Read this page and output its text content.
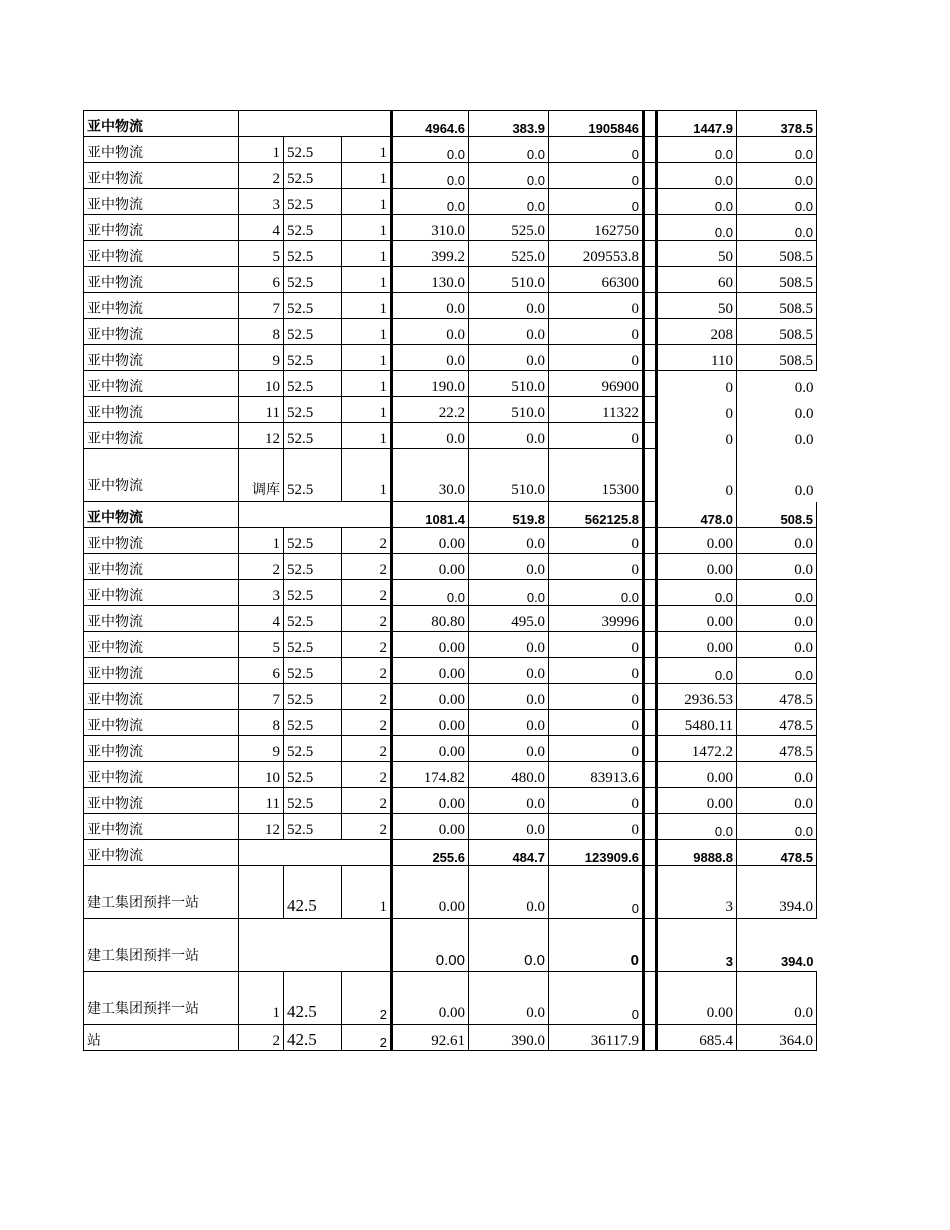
亚中物流				4964.6	383.9	1905846		1447.9	378.5
亚中物流	1	52.5	1	0.0	0.0	0		0.0	0.0
亚中物流	2	52.5	1	0.0	0.0	0		0.0	0.0
亚中物流	3	52.5	1	0.0	0.0	0		0.0	0.0
亚中物流	4	52.5	1	310.0	525.0	162750		0.0	0.0
亚中物流	5	52.5	1	399.2	525.0	209553.8		50	508.5
亚中物流	6	52.5	1	130.0	510.0	66300		60	508.5
亚中物流	7	52.5	1	0.0	0.0	0		50	508.5
亚中物流	8	52.5	1	0.0	0.0	0		208	508.5
亚中物流	9	52.5	1	0.0	0.0	0		110	508.5
亚中物流	10	52.5	1	190.0	510.0	96900		0	0.0
亚中物流	11	52.5	1	22.2	510.0	11322		0	0.0
亚中物流	12	52.5	1	0.0	0.0	0		0	0.0
亚中物流	调库	52.5	1	30.0	510.0	15300		0	0.0
亚中物流				1081.4	519.8	562125.8		478.0	508.5
亚中物流	1	52.5	2	0.00	0.0	0		0.00	0.0
亚中物流	2	52.5	2	0.00	0.0	0		0.00	0.0
亚中物流	3	52.5	2	0.0	0.0	0.0		0.0	0.0
亚中物流	4	52.5	2	80.80	495.0	39996		0.00	0.0
亚中物流	5	52.5	2	0.00	0.0	0		0.00	0.0
亚中物流	6	52.5	2	0.00	0.0	0		0.0	0.0
亚中物流	7	52.5	2	0.00	0.0	0		2936.53	478.5
亚中物流	8	52.5	2	0.00	0.0	0		5480.11	478.5
亚中物流	9	52.5	2	0.00	0.0	0		1472.2	478.5
亚中物流	10	52.5	2	174.82	480.0	83913.6		0.00	0.0
亚中物流	11	52.5	2	0.00	0.0	0		0.00	0.0
亚中物流	12	52.5	2	0.00	0.0	0		0.0	0.0
亚中物流				255.6	484.7	123909.6		9888.8	478.5
建工集团预拌一站		42.5	1	0.00	0.0	0		3	394.0
建工集团预拌一站				0.00	0.0	0		3	394.0
建工集团预拌一站	1	42.5	2	0.00	0.0	0		0.00	0.0
站	2	42.5	2	92.61	390.0	36117.9		685.4	364.0
